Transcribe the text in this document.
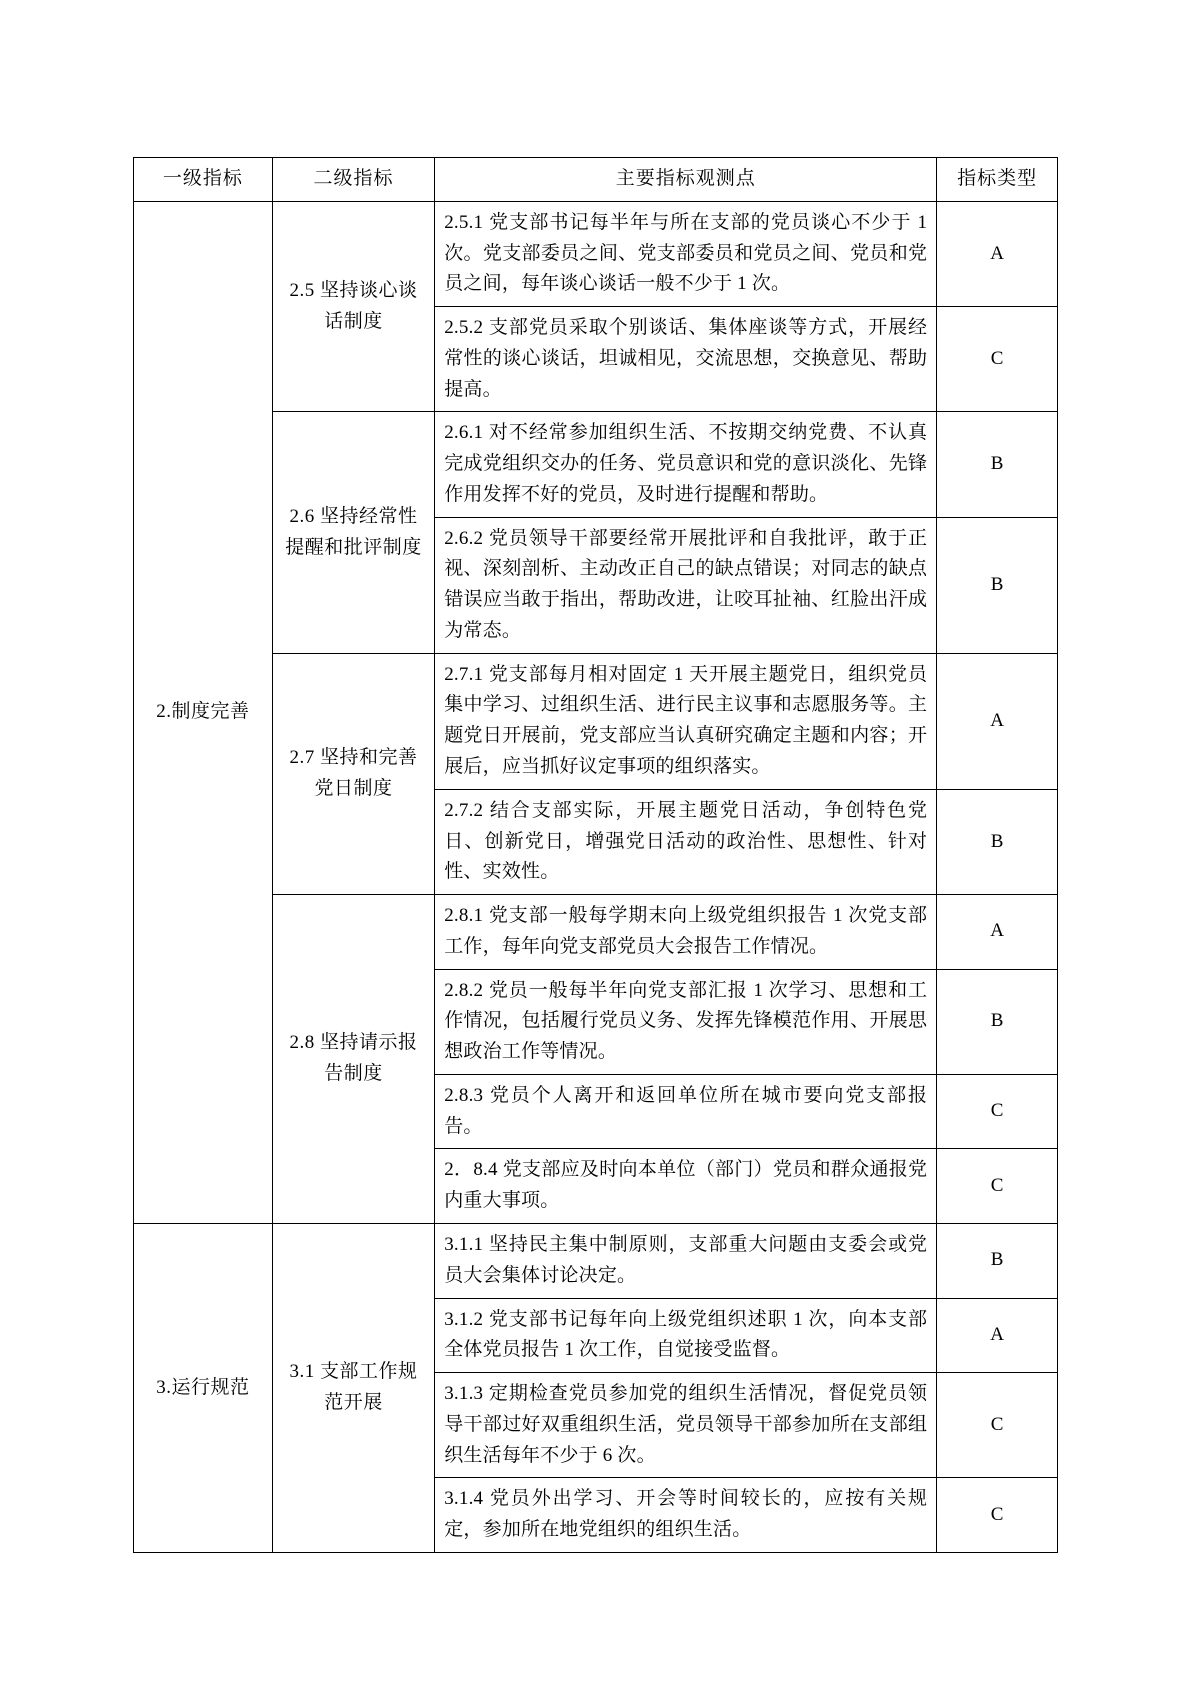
一级指标	二级指标	主要指标观测点	指标类型
2.制度完善	2.5 坚持谈心谈话制度	2.5.1 党支部书记每半年与所在支部的党员谈心不少于 1 次。党支部委员之间、党支部委员和党员之间、党员和党员之间，每年谈心谈话一般不少于 1 次。	A
		2.5.2 支部党员采取个别谈话、集体座谈等方式，开展经常性的谈心谈话，坦诚相见，交流思想，交换意见、帮助提高。	C
	2.6 坚持经常性提醒和批评制度	2.6.1 对不经常参加组织生活、不按期交纳党费、不认真完成党组织交办的任务、党员意识和党的意识淡化、先锋作用发挥不好的党员，及时进行提醒和帮助。	B
		2.6.2 党员领导干部要经常开展批评和自我批评，敢于正视、深刻剖析、主动改正自己的缺点错误；对同志的缺点错误应当敢于指出，帮助改进，让咬耳扯袖、红脸出汗成为常态。	B
	2.7 坚持和完善党日制度	2.7.1 党支部每月相对固定 1 天开展主题党日，组织党员集中学习、过组织生活、进行民主议事和志愿服务等。主题党日开展前，党支部应当认真研究确定主题和内容；开展后，应当抓好议定事项的组织落实。	A
		2.7.2 结合支部实际，开展主题党日活动，争创特色党日、创新党日，增强党日活动的政治性、思想性、针对性、实效性。	B
	2.8 坚持请示报告制度	2.8.1 党支部一般每学期末向上级党组织报告 1 次党支部工作，每年向党支部党员大会报告工作情况。	A
		2.8.2 党员一般每半年向党支部汇报 1 次学习、思想和工作情况，包括履行党员义务、发挥先锋模范作用、开展思想政治工作等情况。	B
		2.8.3 党员个人离开和返回单位所在城市要向党支部报告。	C
		2．8.4 党支部应及时向本单位（部门）党员和群众通报党内重大事项。	C
3.运行规范	3.1 支部工作规范开展	3.1.1 坚持民主集中制原则，支部重大问题由支委会或党员大会集体讨论决定。	B
		3.1.2 党支部书记每年向上级党组织述职 1 次，向本支部全体党员报告 1 次工作，自觉接受监督。	A
		3.1.3 定期检查党员参加党的组织生活情况，督促党员领导干部过好双重组织生活，党员领导干部参加所在支部组织生活每年不少于 6 次。	C
		3.1.4 党员外出学习、开会等时间较长的，应按有关规定，参加所在地党组织的组织生活。	C
